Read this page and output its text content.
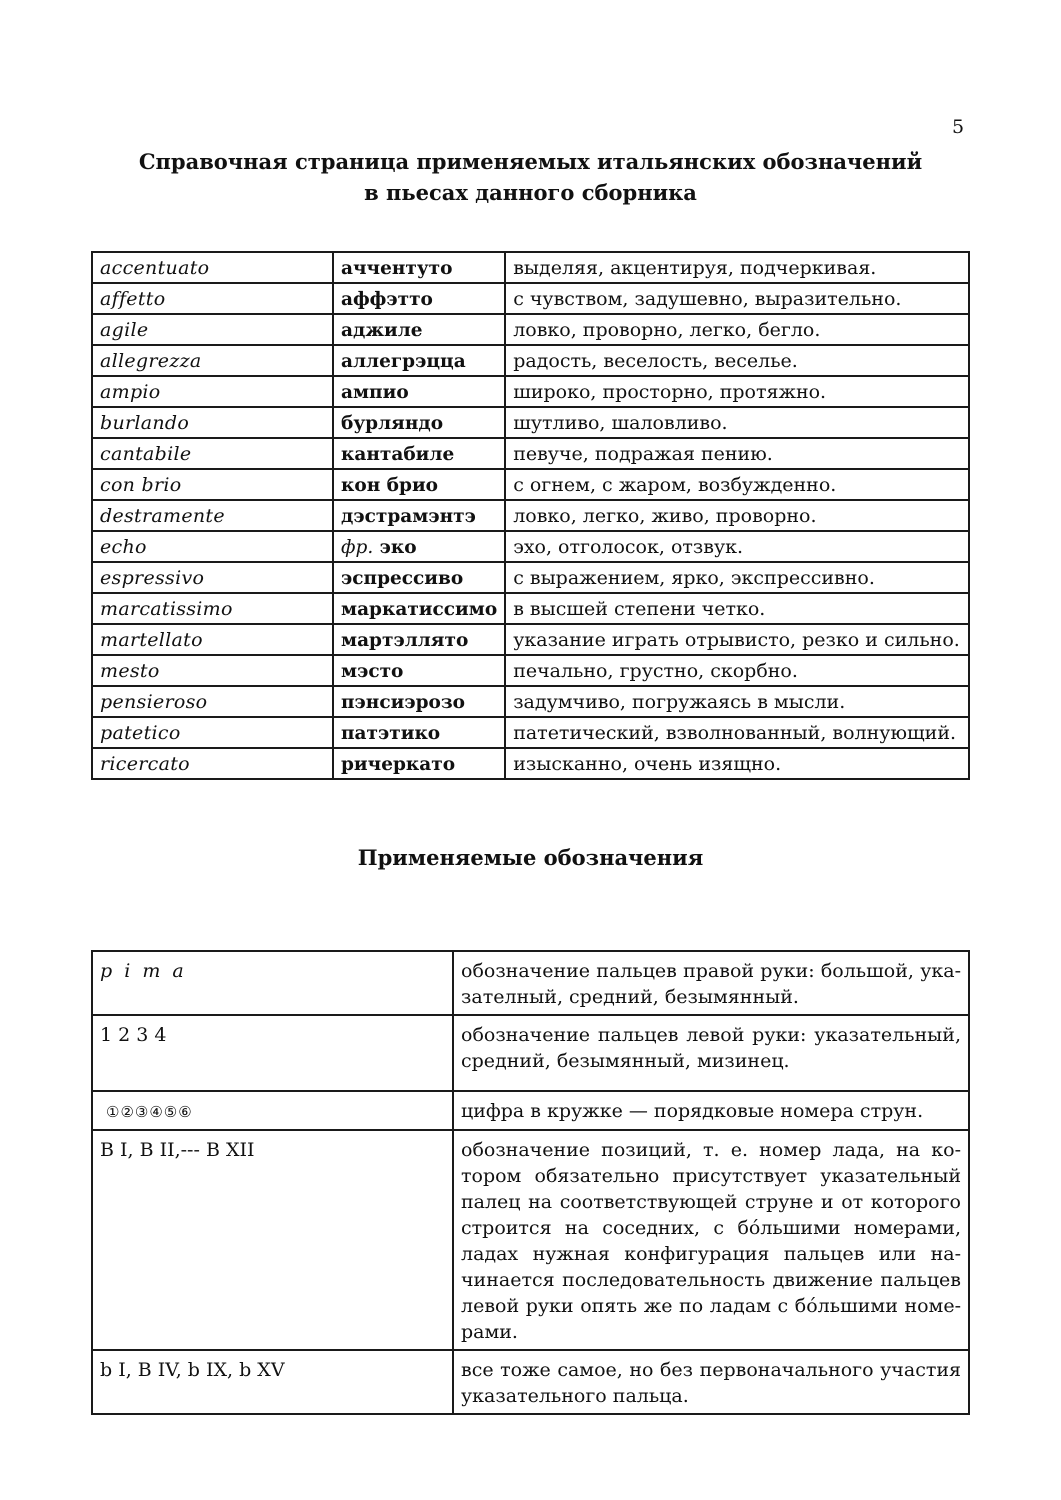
5
Справочная страница применяемых итальянских обозначений
в пьесах данного сборника
accentuato	аччентуто	выделяя, акцентируя, подчеркивая.
affetto	аффэтто	с чувством, задушевно, выразительно.
agile	аджиле	ловко, проворно, легко, бегло.
allegrezza	аллегрэцца	радость, веселость, веселье.
ampio	ампио	широко, просторно, протяжно.
burlando	бурляндо	шутливо, шаловливо.
cantabile	кантабиле	певуче, подражая пению.
con brio	кон брио	с огнем, с жаром, возбужденно.
destramente	дэстрамэнтэ	ловко, легко, живо, проворно.
echo	фр. эко	эхо, отголосок, отзвук.
espressivo	эспрессиво	с выражением, ярко, экспрессивно.
marcatissimo	маркатиссимо	в высшей степени четко.
martellato	мартэллято	указание играть отрывисто, резко и сильно.
mesto	мэсто	печально, грустно, скорбно.
pensieroso	пэнсиэрозо	задумчиво, погружаясь в мысли.
patetico	патэтико	патетический, взволнованный, волнующий.
ricercato	ричеркато	изысканно, очень изящно.
Применяемые обозначения
p i m a	обозначение пальцев правой руки: большой, ука-зателный, средний, безымянный.
1 2 3 4	обозначение пальцев левой руки: указательный, средний, безымянный, мизинец.
①②③④⑤⑥	цифра в кружке — порядковые номера струн.
B I, B II,--- B XII	обозначение позиций, т. е. номер лада, на ко-тором обязательно присутствует указательный палец на соответствующей струне и от которого строится на соседних, с бóльшими номерами, ладах нужная конфигурация пальцев или на-чинается последовательность движение пальцев левой руки опять же по ладам с бóльшими номе-рами.
b I, B IV, b IX, b XV	все тоже самое, но без первоначального участия указательного пальца.
